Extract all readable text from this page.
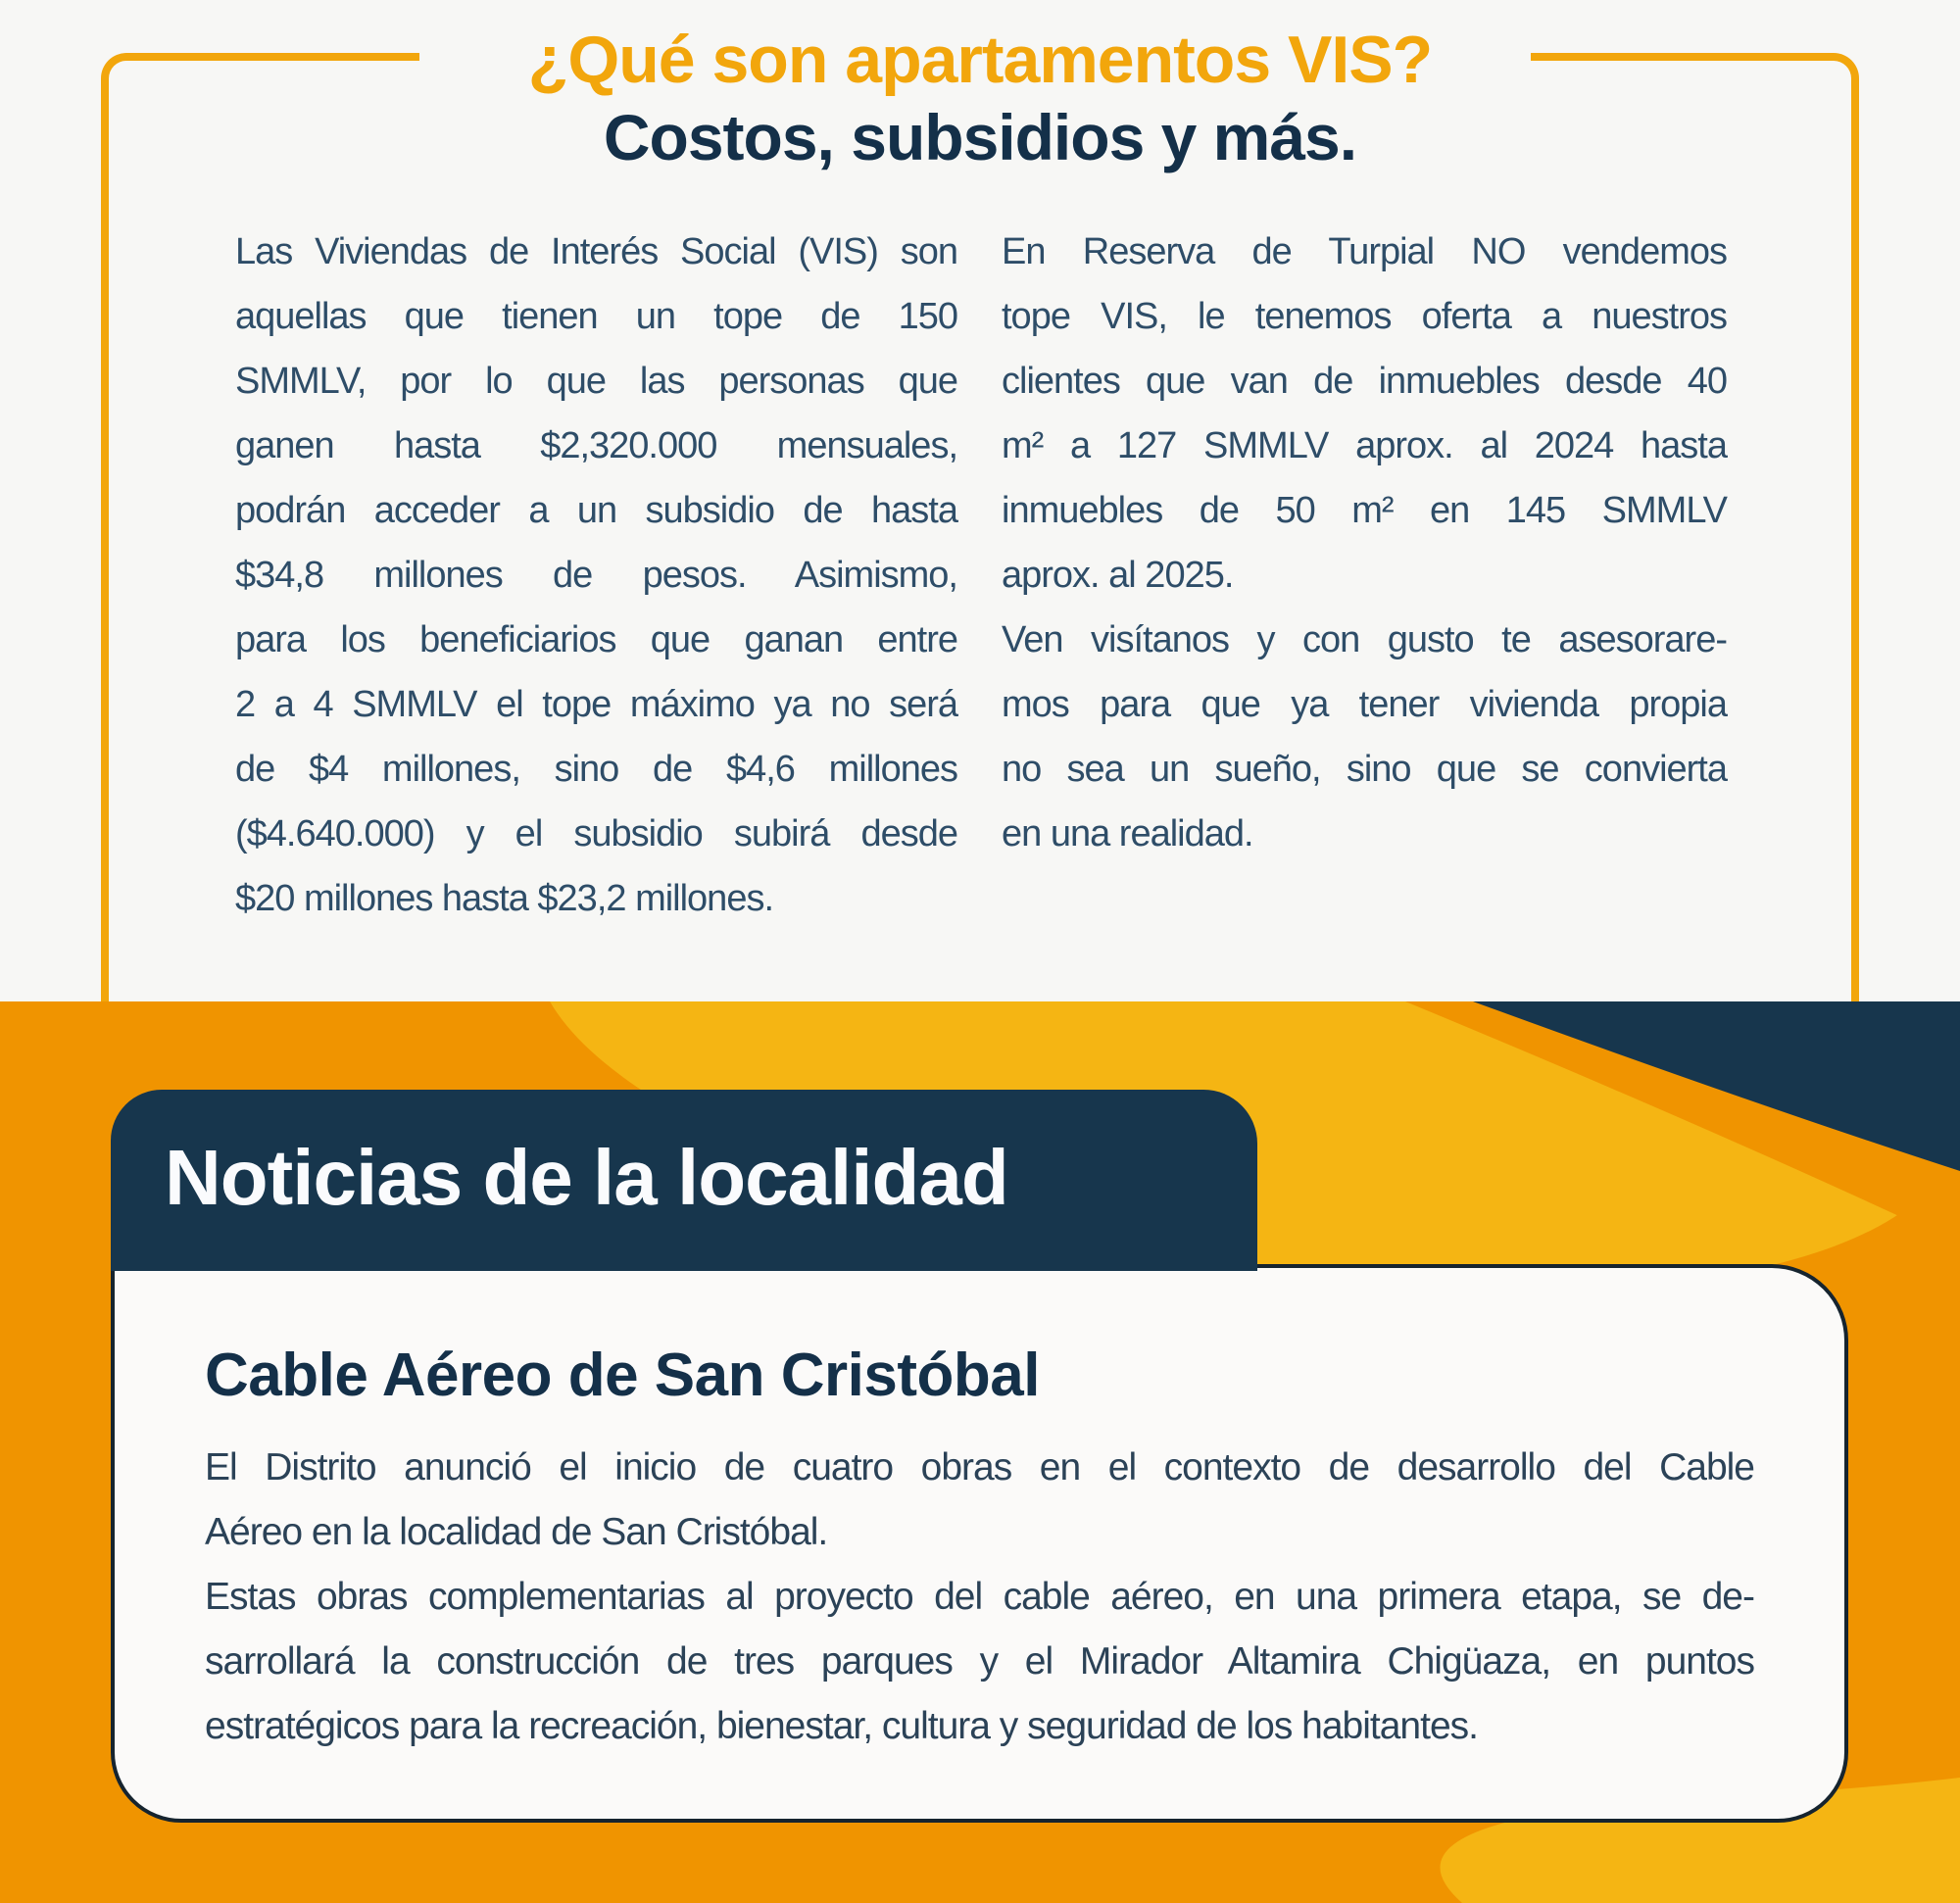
¿Qué son apartamentos VIS?
Costos, subsidios y más.
Las Viviendas de Interés Social (VIS) son
aquellas que tienen un tope de 150
SMMLV, por lo que las personas que
ganen hasta $2,320.000 mensuales,
podrán acceder a un subsidio de hasta
$34,8 millones de pesos. Asimismo,
para los beneficiarios que ganan entre
2 a 4 SMMLV el tope máximo ya no será
de $4 millones, sino de $4,6 millones
($4.640.000) y el subsidio subirá desde
$20 millones hasta $23,2 millones.
En Reserva de Turpial NO vendemos
tope VIS, le tenemos oferta a nuestros
clientes que van de inmuebles desde 40
m² a 127 SMMLV aprox. al 2024 hasta
inmuebles de 50 m² en 145 SMMLV
aprox. al 2025.
Ven visítanos y con gusto te asesorare-
mos para que ya tener vivienda propia
no sea un sueño, sino que se convierta
en una realidad.
Noticias de la localidad
Cable Aéreo de San Cristóbal
El Distrito anunció el inicio de cuatro obras en el contexto de desarrollo del Cable
Aéreo en la localidad de San Cristóbal.
Estas obras complementarias al proyecto del cable aéreo, en una primera etapa, se de-
sarrollará la construcción de tres parques y el Mirador Altamira Chigüaza, en puntos
estratégicos para la recreación, bienestar, cultura y seguridad de los habitantes.
